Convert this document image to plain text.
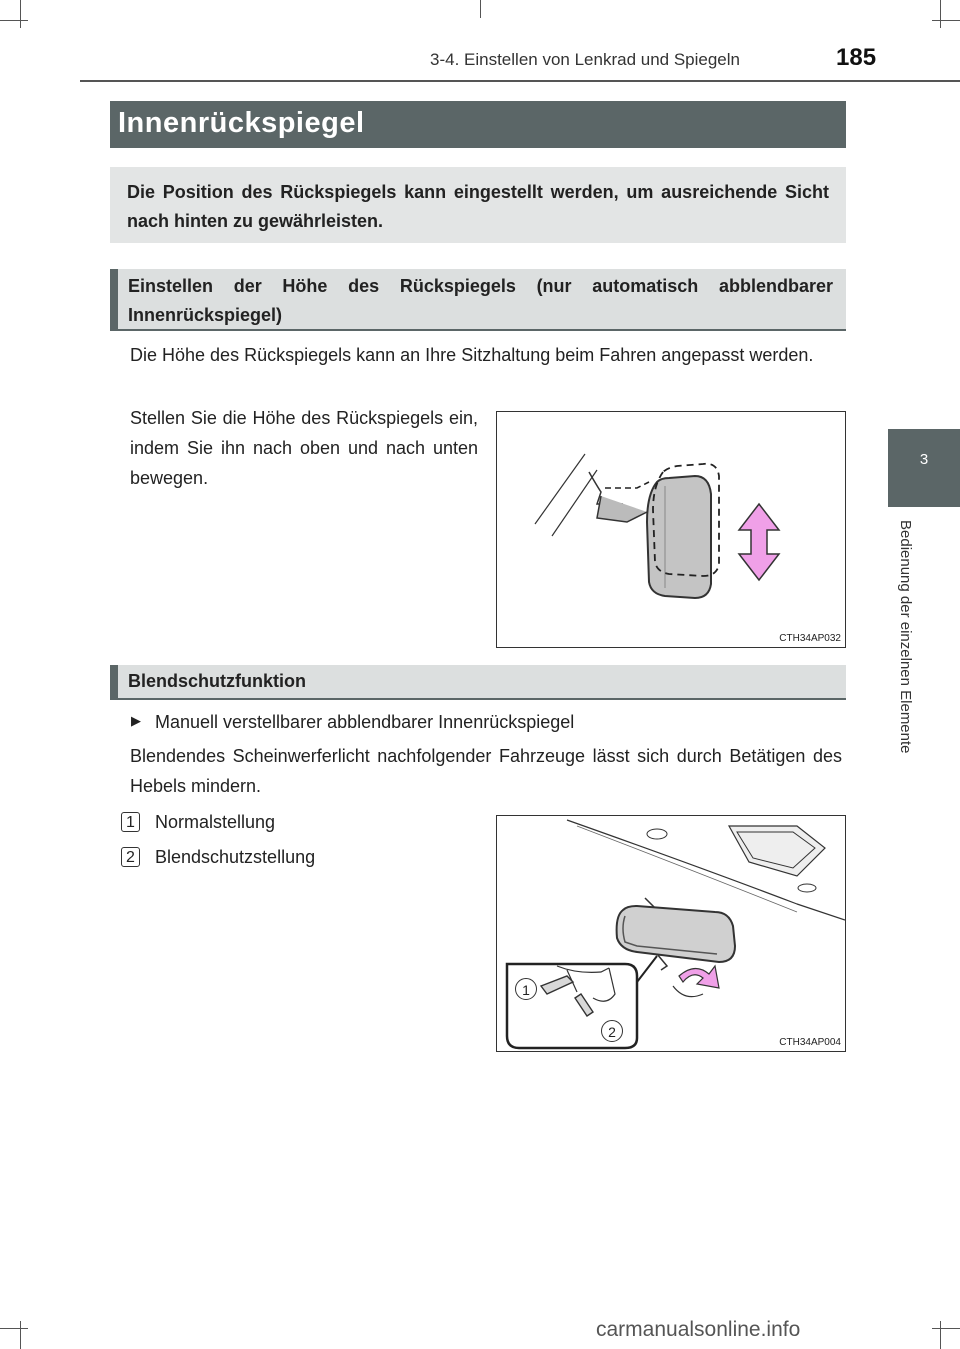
3-4. Einstellen von Lenkrad und Spiegeln	185
Innenrückspiegel

Die Position des Rückspiegels kann eingestellt werden, um ausreichende Sicht nach hinten zu gewährleisten.

Einstellen der Höhe des Rückspiegels (nur automatisch abblendbarer Innenrückspiegel)
Die Höhe des Rückspiegels kann an Ihre Sitzhaltung beim Fahren angepasst werden.
Stellen Sie die Höhe des Rückspiegels ein, indem Sie ihn nach oben und nach unten bewegen.
CTH34AP032
Blendschutzfunktion
▶ Manuell verstellbarer abblendbarer Innenrückspiegel
Blendendes Scheinwerferlicht nachfolgender Fahrzeuge lässt sich durch Betätigen des Hebels mindern.
1 Normalstellung
2 Blendschutzstellung
1
2
CTH34AP004
3
Bedienung der einzelnen Elemente
carmanualsonline.info
